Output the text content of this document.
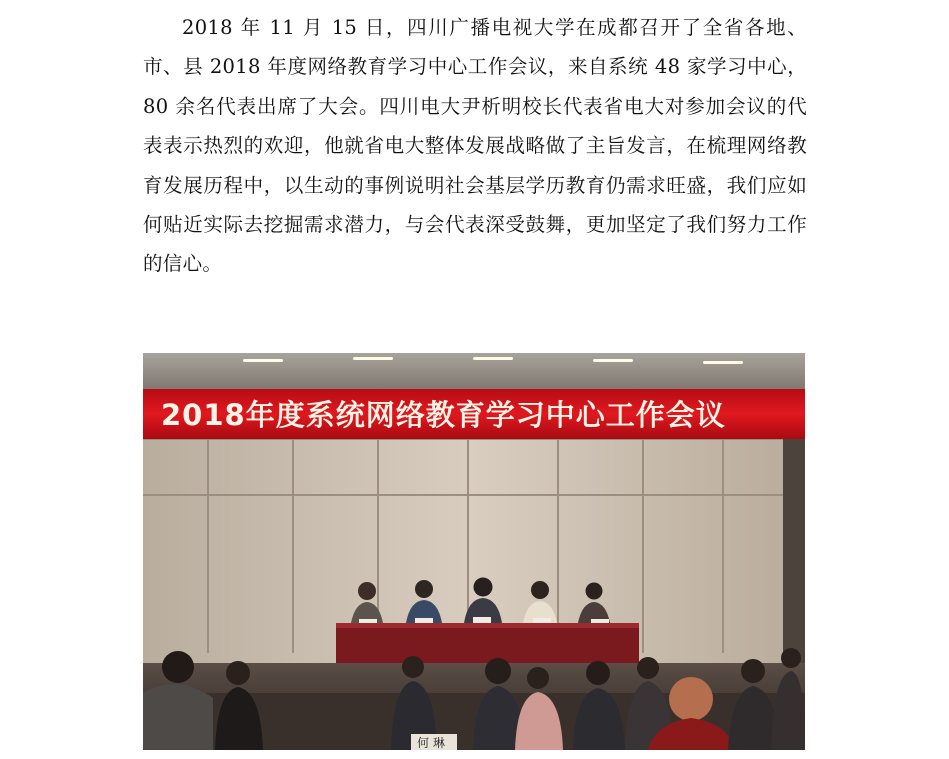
2018 年 11 月 15 日，四川广播电视大学在成都召开了全省各地、市、县 2018 年度网络教育学习中心工作会议，来自系统 48 家学习中心，80 余名代表出席了大会。四川电大尹析明校长代表省电大对参加会议的代表表示热烈的欢迎，他就省电大整体发展战略做了主旨发言，在梳理网络教育发展历程中，以生动的事例说明社会基层学历教育仍需求旺盛，我们应如何贴近实际去挖掘需求潜力，与会代表深受鼓舞，更加坚定了我们努力工作的信心。

2018年度系统网络教育学习中心工作会议
何 琳
